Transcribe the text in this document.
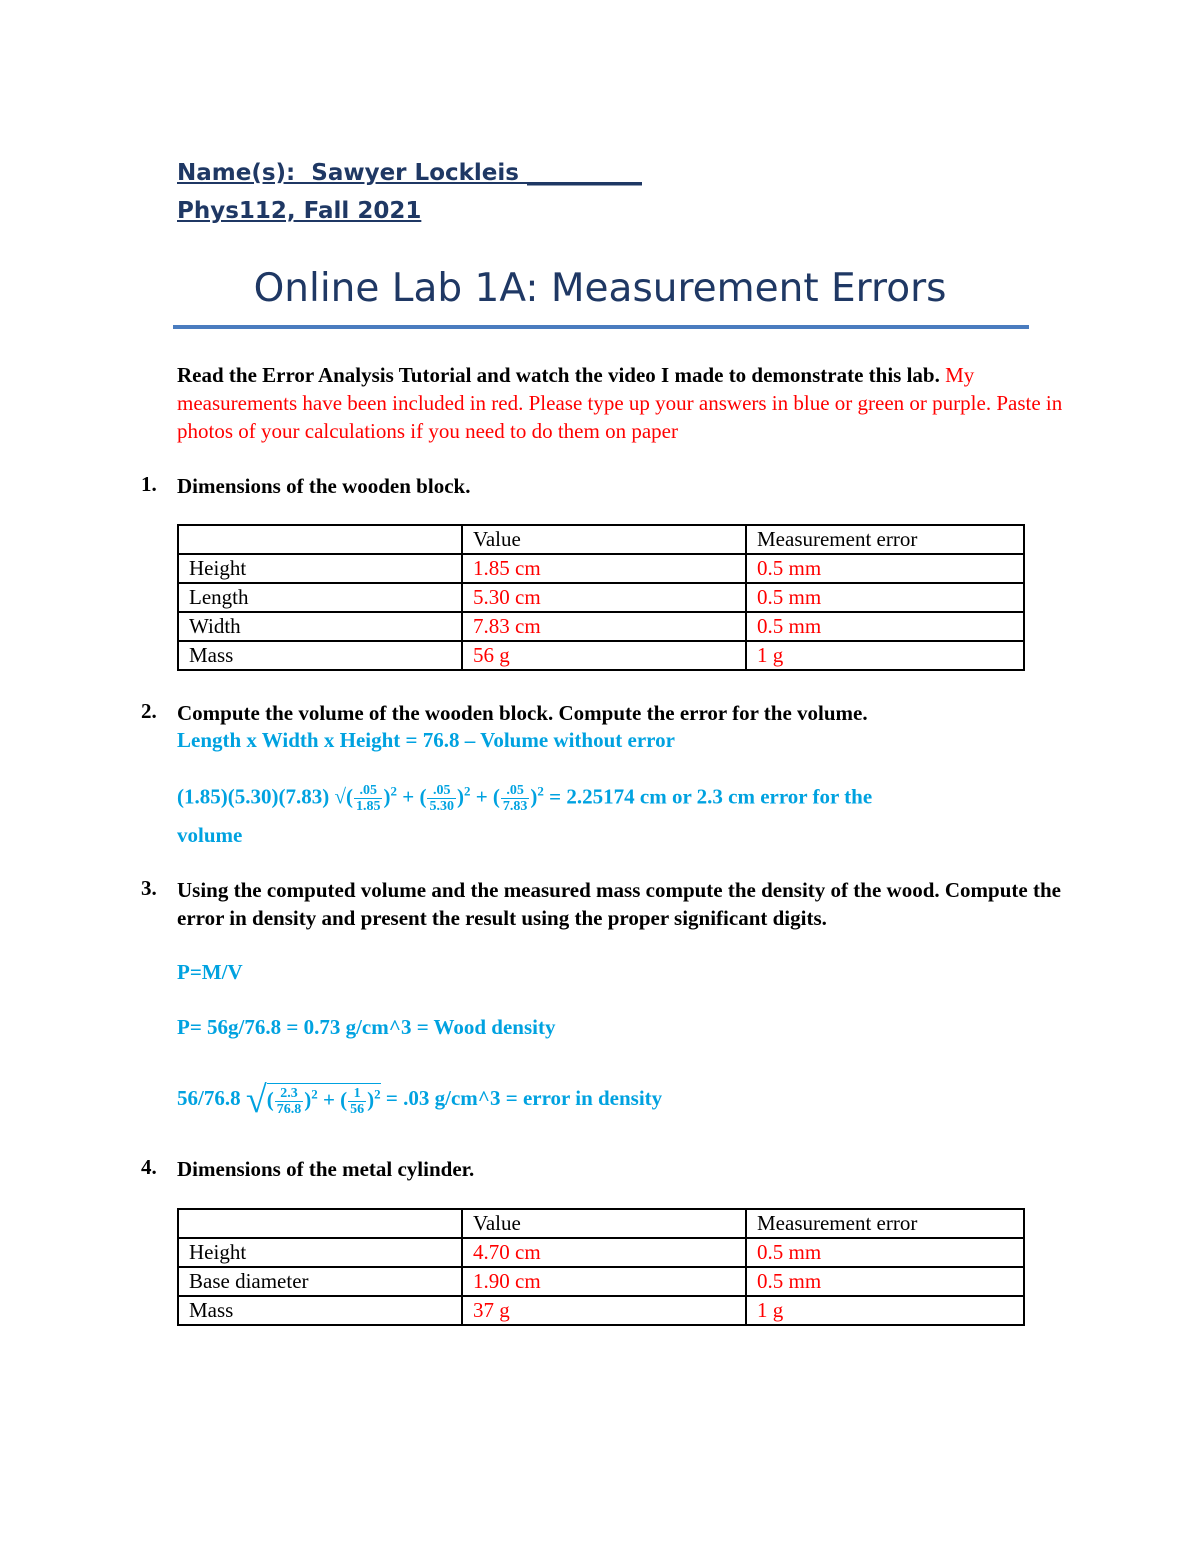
Name(s):  Sawyer Lockleis __________
Phys112, Fall 2021
Online Lab 1A: Measurement Errors
Read the Error Analysis Tutorial and watch the video I made to demonstrate this lab. My measurements have been included in red. Please type up your answers in blue or green or purple. Paste in photos of your calculations if you need to do them on paper
1. Dimensions of the wooden block.
	Value	Measurement error
Height	1.85 cm	0.5 mm
Length	5.30 cm	0.5 mm
Width	7.83 cm	0.5 mm
Mass	56 g	1 g
2. Compute the volume of the wooden block. Compute the error for the volume.
Length x Width x Height = 76.8 – Volume without error
(1.85)(5.30)(7.83) √( $\frac{.05}{1.85} )^2$ + ( $\frac{.05}{5.30} )^2$ + ( $\frac{.05}{7.83} )^2 = 2.25174$ cm or 2.3 cm error for the
volume
3. Using the computed volume and the measured mass compute the density of the wood. Compute the error in density and present the result using the proper significant digits.
P=M/V
P= 56g/76.8 = 0.73 g/cm^3 = Wood density
56/76.8 √( $\frac{2.3}{76.8} )^2$ + ( $\frac{1}{56} )^2 = .03$ g/cm^3 = error in density
4. Dimensions of the metal cylinder.
	Value	Measurement error
Height	4.70 cm	0.5 mm
Base diameter	1.90 cm	0.5 mm
Mass	37 g	1 g
